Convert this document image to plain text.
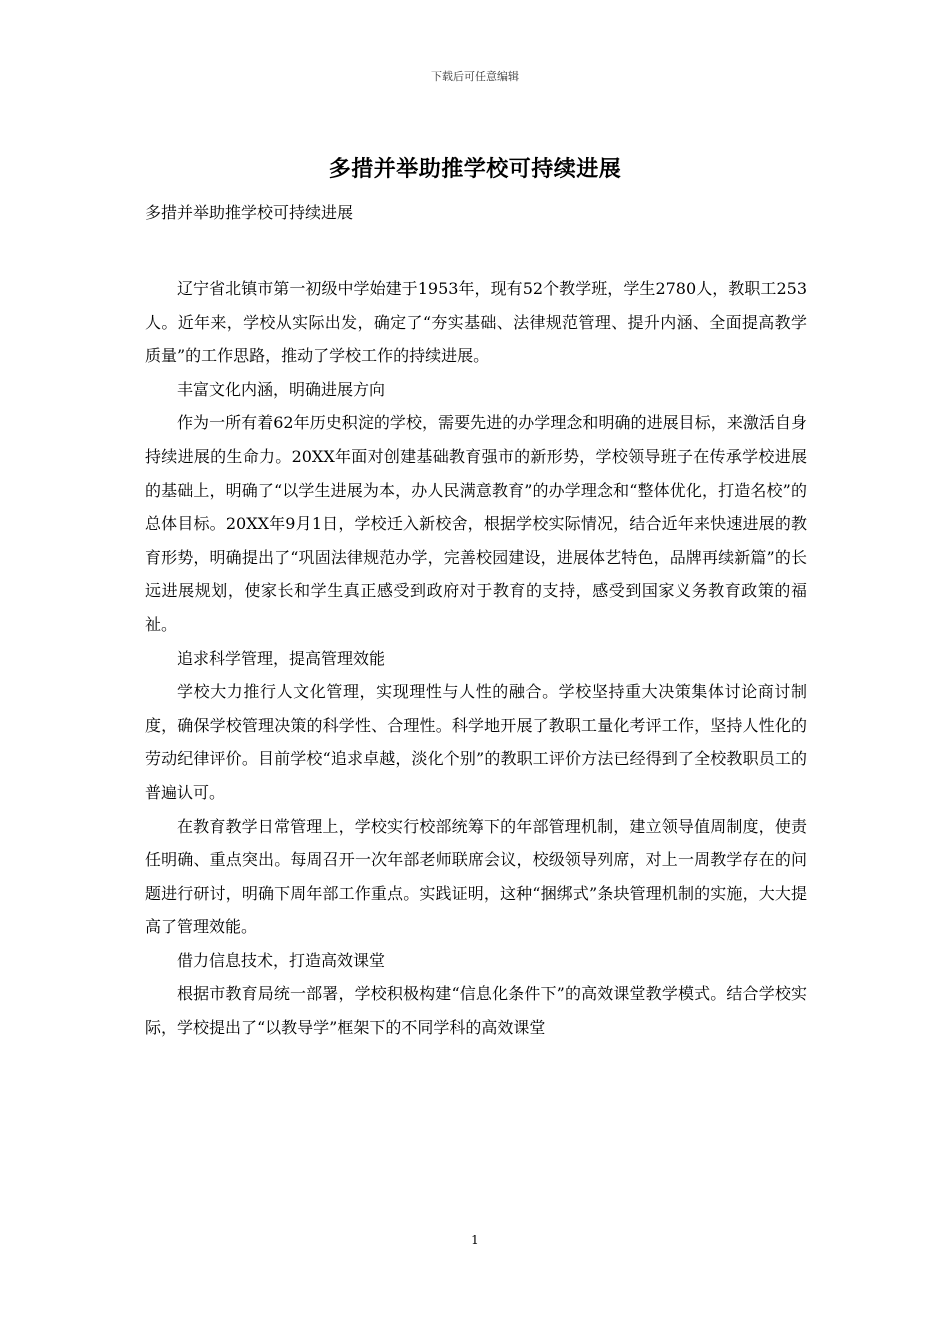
下载后可任意编辑
多措并举助推学校可持续进展

多措并举助推学校可持续进展

辽宁省北镇市第一初级中学始建于1953年，现有52个教学班，学生2780人，教职工253人。近年来，学校从实际出发，确定了“夯实基础、法律规范管理、提升内涵、全面提高教学质量”的工作思路，推动了学校工作的持续进展。

丰富文化内涵，明确进展方向

作为一所有着62年历史积淀的学校，需要先进的办学理念和明确的进展目标，来激活自身持续进展的生命力。20XX年面对创建基础教育强市的新形势，学校领导班子在传承学校进展的基础上，明确了“以学生进展为本，办人民满意教育”的办学理念和“整体优化，打造名校”的总体目标。20XX年9月1日，学校迁入新校舍，根据学校实际情况，结合近年来快速进展的教育形势，明确提出了“巩固法律规范办学，完善校园建设，进展体艺特色，品牌再续新篇”的长远进展规划，使家长和学生真正感受到政府对于教育的支持，感受到国家义务教育政策的福祉。

追求科学管理，提高管理效能

学校大力推行人文化管理，实现理性与人性的融合。学校坚持重大决策集体讨论商讨制度，确保学校管理决策的科学性、合理性。科学地开展了教职工量化考评工作，坚持人性化的劳动纪律评价。目前学校“追求卓越，淡化个别”的教职工评价方法已经得到了全校教职员工的普遍认可。

在教育教学日常管理上，学校实行校部统筹下的年部管理机制，建立领导值周制度，使责任明确、重点突出。每周召开一次年部老师联席会议，校级领导列席，对上一周教学存在的问题进行研讨，明确下周年部工作重点。实践证明，这种“捆绑式”条块管理机制的实施，大大提高了管理效能。

借力信息技术，打造高效课堂

根据市教育局统一部署，学校积极构建“信息化条件下”的高效课堂教学模式。结合学校实际，学校提出了“以教导学”框架下的不同学科的高效课堂

1
